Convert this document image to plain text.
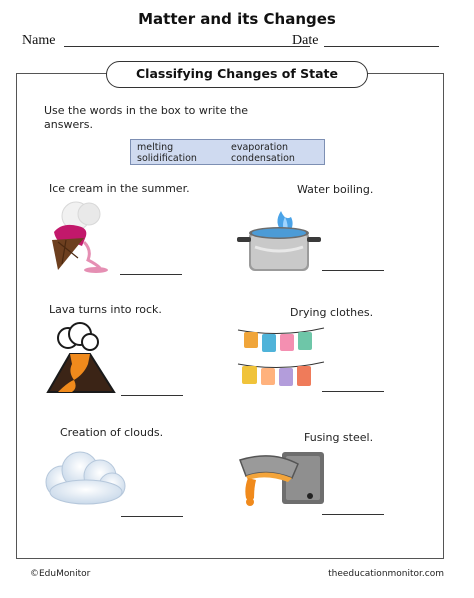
Matter and its Changes
Name	Date
Classifying Changes of State
Use the words in the box to write the answers.
melting	evaporation
solidification	condensation
Ice cream in the summer.	Water boiling.
Lava turns into rock.	Drying clothes.
Creation of clouds.	Fusing steel.
©EduMonitor	theeducationmonitor.com
